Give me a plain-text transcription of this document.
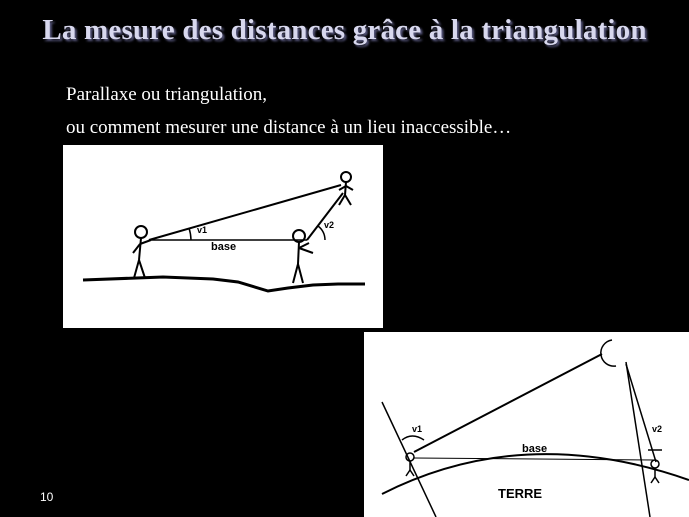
La mesure des distances grâce à la triangulation
Parallaxe ou triangulation,
ou comment mesurer une distance à un lieu inaccessible…
v1	v2
base
v1	v2
base
TERRE
10
